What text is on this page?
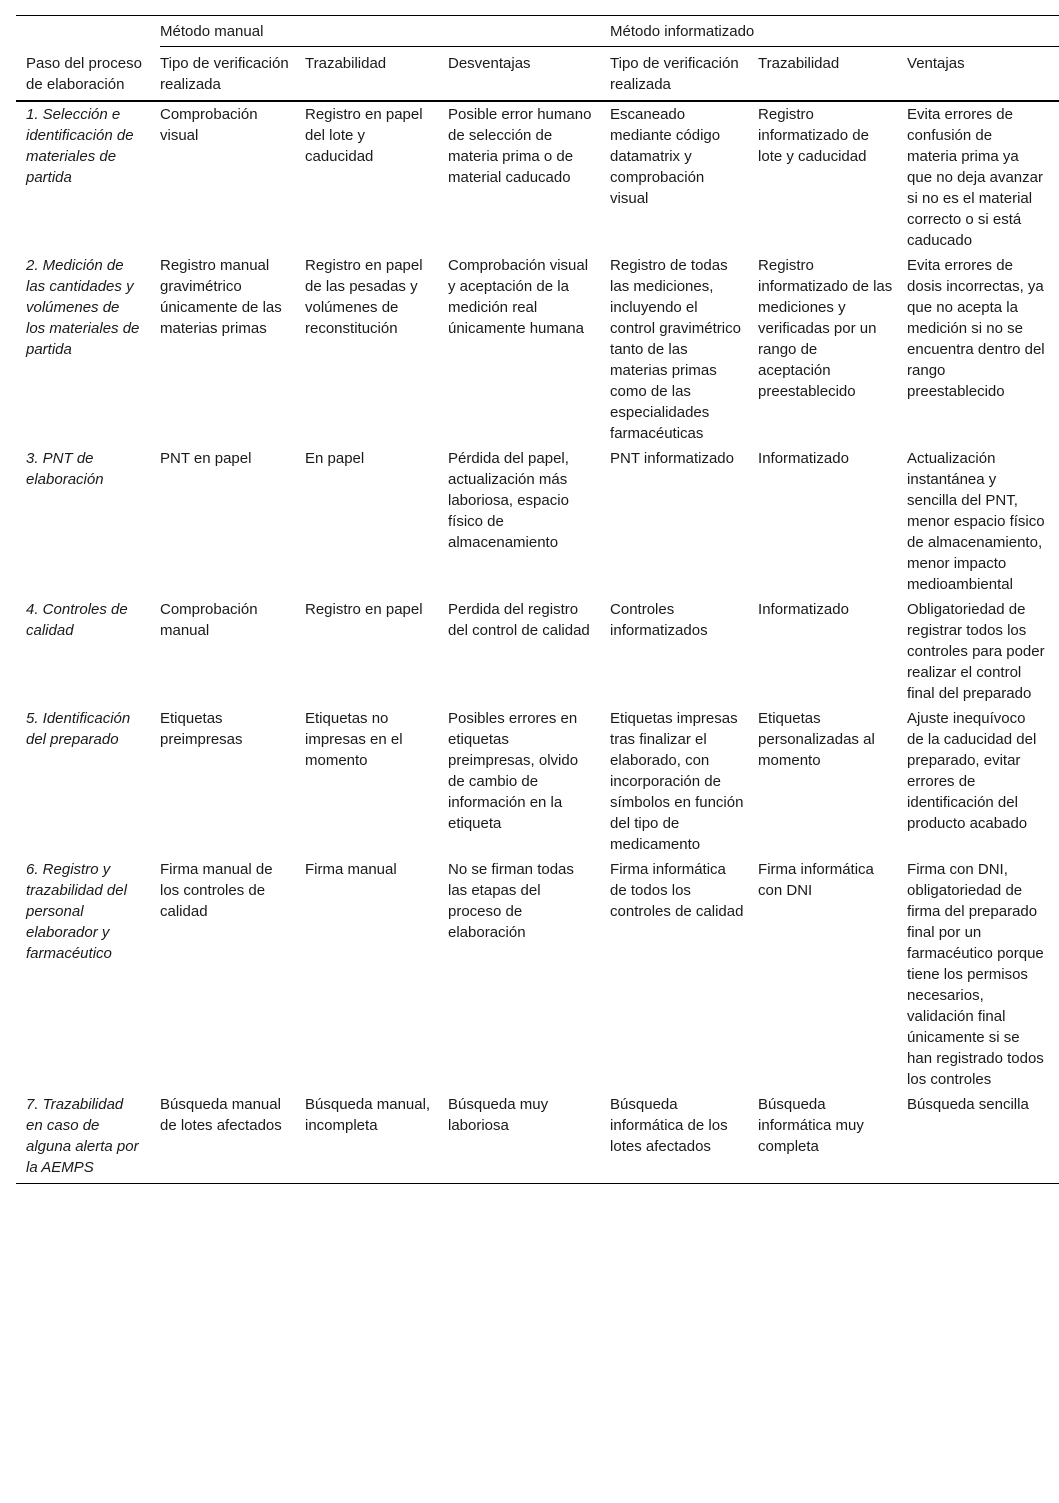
	Método manual			Método informatizado		
Paso del proceso de elaboración	Tipo de verificación realizada	Trazabilidad	Desventajas	Tipo de verificación realizada	Trazabilidad	Ventajas
1. Selección e identificación de materiales de partida	Comprobación visual	Registro en papel del lote y caducidad	Posible error humano de selección de materia prima o de material caducado	Escaneado mediante código datamatrix y comprobación visual	Registro informatizado de lote y caducidad	Evita errores de confusión de materia prima ya que no deja avanzar si no es el material correcto o si está caducado
2. Medición de las cantidades y volúmenes de los materiales de partida	Registro manual gravimétrico únicamente de las materias primas	Registro en papel de las pesadas y volúmenes de reconstitución	Comprobación visual y aceptación de la medición real únicamente humana	Registro de todas las mediciones, incluyendo el control gravimétrico tanto de las materias primas como de las especialidades farmacéuticas	Registro informatizado de las mediciones y verificadas por un rango de aceptación preestablecido	Evita errores de dosis incorrectas, ya que no acepta la medición si no se encuentra dentro del rango preestablecido
3. PNT de elaboración	PNT en papel	En papel	Pérdida del papel, actualización más laboriosa, espacio físico de almacenamiento	PNT informatizado	Informatizado	Actualización instantánea y sencilla del PNT, menor espacio físico de almacenamiento, menor impacto medioambiental
4. Controles de calidad	Comprobación manual	Registro en papel	Perdida del registro del control de calidad	Controles informatizados	Informatizado	Obligatoriedad de registrar todos los controles para poder realizar el control final del preparado
5. Identificación del preparado	Etiquetas preimpresas	Etiquetas no impresas en el momento	Posibles errores en etiquetas preimpresas, olvido de cambio de información en la etiqueta	Etiquetas impresas tras finalizar el elaborado, con incorporación de símbolos en función del tipo de medicamento	Etiquetas personalizadas al momento	Ajuste inequívoco de la caducidad del preparado, evitar errores de identificación del producto acabado
6. Registro y trazabilidad del personal elaborador y farmacéutico	Firma manual de los controles de calidad	Firma manual	No se firman todas las etapas del proceso de elaboración	Firma informática de todos los controles de calidad	Firma informática con DNI	Firma con DNI, obligatoriedad de firma del preparado final por un farmacéutico porque tiene los permisos necesarios, validación final únicamente si se han registrado todos los controles
7. Trazabilidad en caso de alguna alerta por la AEMPS	Búsqueda manual de lotes afectados	Búsqueda manual, incompleta	Búsqueda muy laboriosa	Búsqueda informática de los lotes afectados	Búsqueda informática muy completa	Búsqueda sencilla
